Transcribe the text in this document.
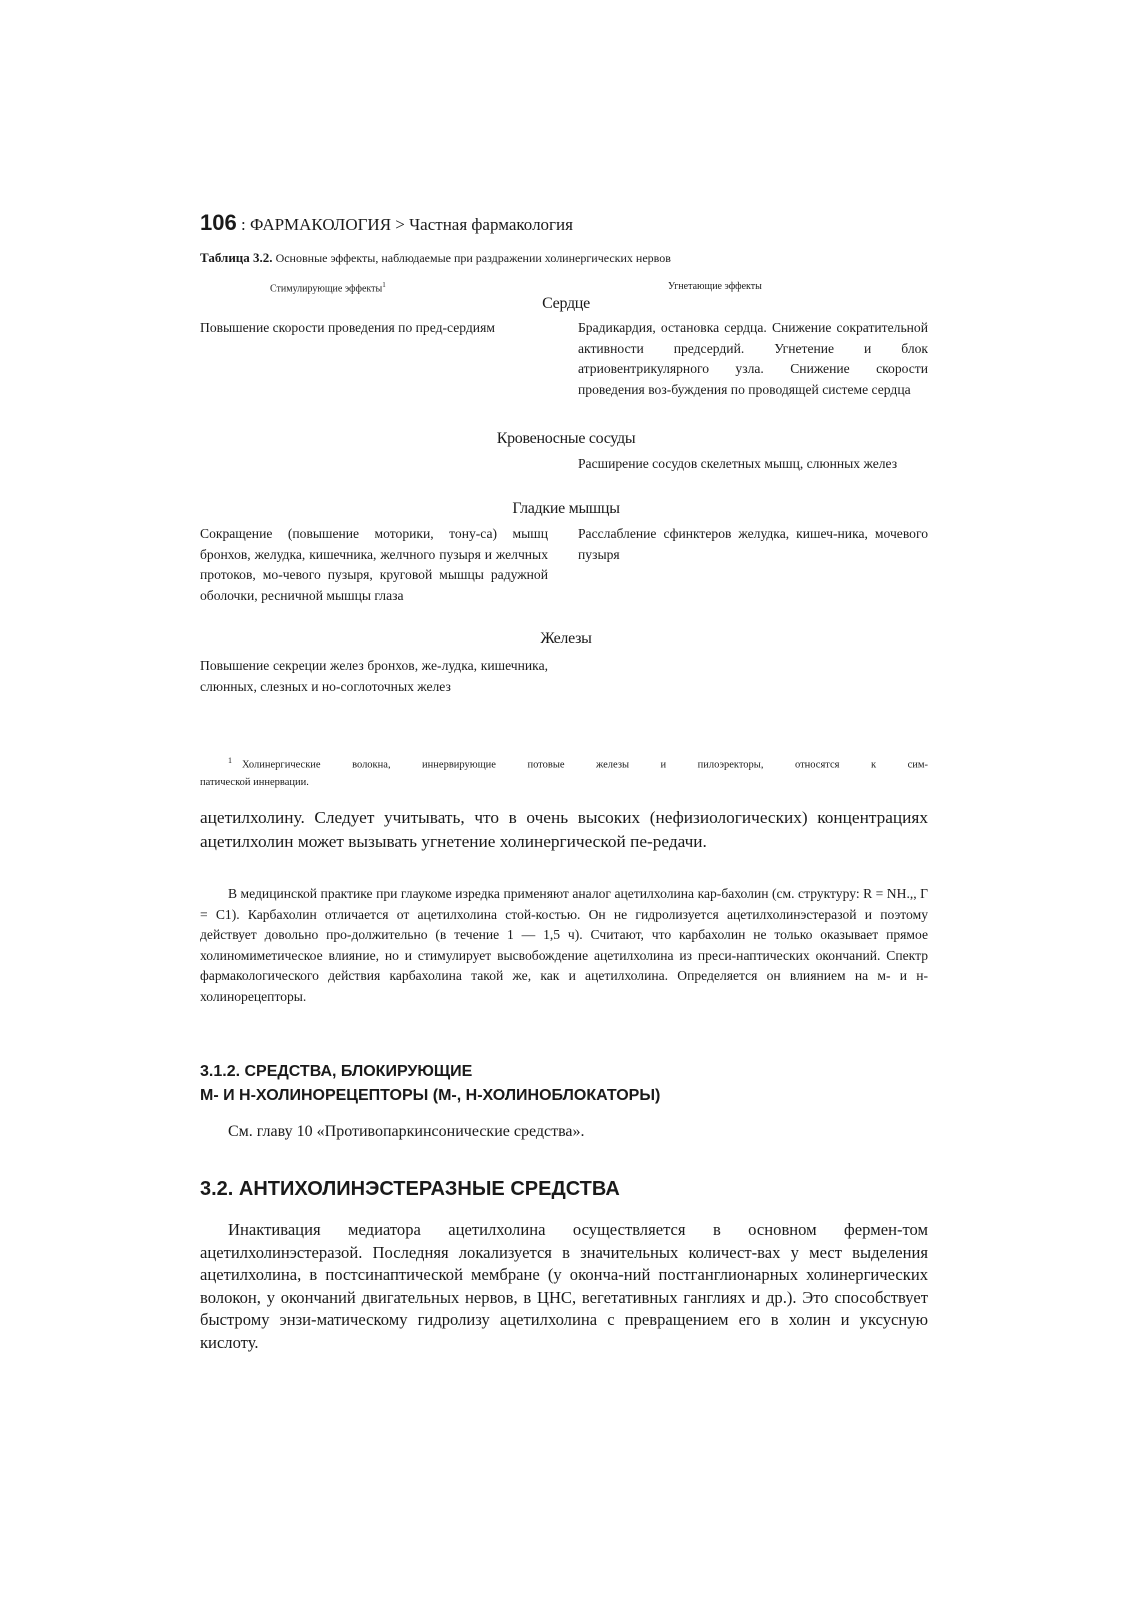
106 : ФАРМАКОЛОГИЯ > Частная фармакология
Таблица 3.2. Основные эффекты, наблюдаемые при раздражении холинергических нервов
Стимулирующие эффекты$^1$	Угнетающие эффекты
Сердце
Повышение скорости проведения по пред-сердиям	Брадикардия, остановка сердца. Снижение сократительной активности предсердий. Угнетение и блок атриовентрикулярного узла. Снижение скорости проведения воз-буждения по проводящей системе сердца
Кровеносные сосуды
Расширение сосудов скелетных мышц, слюнных желез
Гладкие мышцы
Сокращение (повышение моторики, тону-са) мышц бронхов, желудка, кишечника, желчного пузыря и желчных протоков, мо-чевого пузыря, круговой мышцы радужной оболочки, ресничной мышцы глаза
Расслабление сфинктеров желудка, кишеч-ника, мочевого пузыря
Железы
Повышение секреции желез бронхов, же-лудка, кишечника, слюнных, слезных и но-соглоточных желез
$^1$ Холинергические волокна, иннервирующие потовые железы и пилоэректоры, относятся к сим-
патической иннервации.
ацетилхолину. Следует учитывать, что в очень высоких (нефизиологических) концентрациях ацетилхолин может вызывать угнетение холинергической пе-редачи.
В медицинской практике при глаукоме изредка применяют аналог ацетилхолина кар-бахолин (см. структуру: R = NH.,, Г = С1). Карбахолин отличается от ацетилхолина стой-костью. Он не гидролизуется ацетилхолинэстеразой и поэтому действует довольно про-должительно (в течение 1 — 1,5 ч). Считают, что карбахолин не только оказывает прямое холиномиметическое влияние, но и стимулирует высвобождение ацетилхолина из преси-наптических окончаний. Спектр фармакологического действия карбахолина такой же, как и ацетилхолина. Определяется он влиянием на м- и н-холинорецепторы.
3.1.2. СРЕДСТВА, БЛОКИРУЮЩИЕ
М- И Н-ХОЛИНОРЕЦЕПТОРЫ (М-, Н-ХОЛИНОБЛОКАТОРЫ)
См. главу 10 «Противопаркинсонические средства».
3.2. АНТИХОЛИНЭСТЕРАЗНЫЕ СРЕДСТВА
Инактивация медиатора ацетилхолина осуществляется в основном фермен-том ацетилхолинэстеразой. Последняя локализуется в значительных количест-вах у мест выделения ацетилхолина, в постсинаптической мембране (у оконча-ний постганглионарных холинергических волокон, у окончаний двигательных нервов, в ЦНС, вегетативных ганглиях и др.). Это способствует быстрому энзи-матическому гидролизу ацетилхолина с превращением его в холин и уксусную кислоту.
